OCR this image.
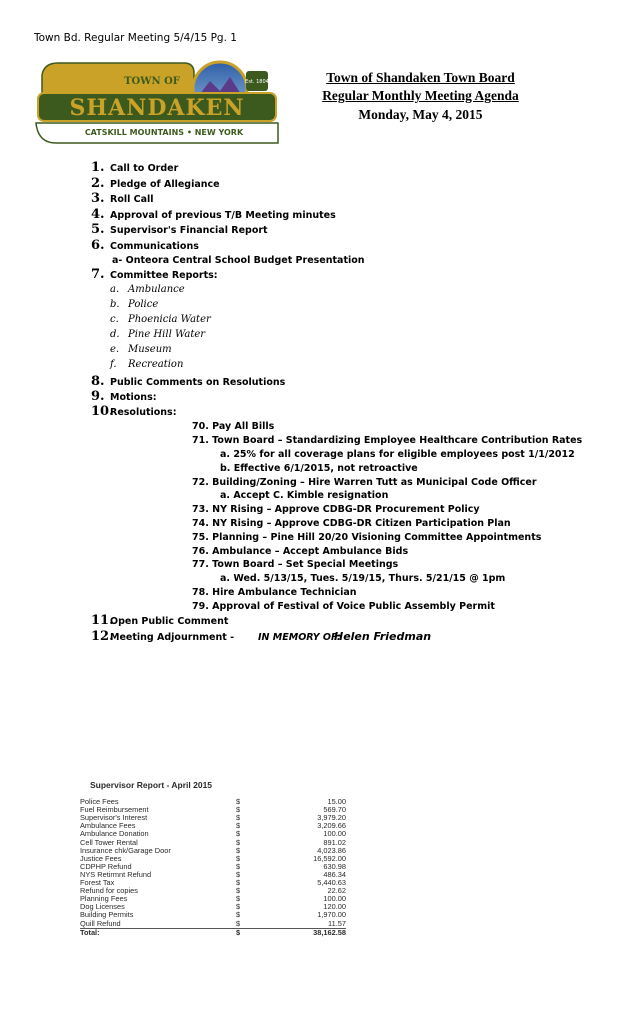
Town Bd. Regular Meeting 5/4/15 Pg. 1
TOWN OF	Est. 1804
SHANDAKEN
CATSKILL MOUNTAINS • NEW YORK
Town of Shandaken Town Board
Regular Monthly Meeting Agenda
Monday, May 4, 2015
1. Call to Order
2. Pledge of Allegiance
3. Roll Call
4. Approval of previous T/B Meeting minutes
5. Supervisor's Financial Report
6. Communications
a- Onteora Central School Budget Presentation
7. Committee Reports:
a. Ambulance
b. Police
c. Phoenicia Water
d. Pine Hill Water
e. Museum
f. Recreation
8. Public Comments on Resolutions
9. Motions:
10.
Resolutions:
70. Pay All Bills
71. Town Board – Standardizing Employee Healthcare Contribution Rates
a. 25% for all coverage plans for eligible employees post 1/1/2012
b. Effective 6/1/2015, not retroactive
72. Building/Zoning – Hire Warren Tutt as Municipal Code Officer
a. Accept C. Kimble resignation
73. NY Rising – Approve CDBG-DR Procurement Policy
74. NY Rising – Approve CDBG-DR Citizen Participation Plan
75. Planning – Pine Hill 20/20 Visioning Committee Appointments
76. Ambulance – Accept Ambulance Bids
77. Town Board – Set Special Meetings
a. Wed. 5/13/15, Tues. 5/19/15, Thurs. 5/21/15 @ 1pm
78. Hire Ambulance Technician
79. Approval of Festival of Voice Public Assembly Permit
11.
Open Public Comment
12.
Meeting Adjournment -	IN MEMORY OF:
Helen Friedman
Supervisor Report - April 2015
Police Fees	$	15.00
Fuel Reimbursement	$	569.70
Supervisor's Interest	$	3,979.20
Ambulance Fees	$	3,209.66
Ambulance Donation	$	100.00
Cell Tower Rental	$	891.02
Insurance chk/Garage Door	$	4,023.86
Justice Fees	$	16,592.00
CDPHP Refund	$	630.98
NYS Retirmnt Refund	$	486.34
Forest Tax	$	5,440.63
Refund for copies	$	22.62
Planning Fees	$	100.00
Dog Licenses	$	120.00
Building Permits	$	1,970.00
Quill Refund	$	11.57
Total:	$	38,162.58
